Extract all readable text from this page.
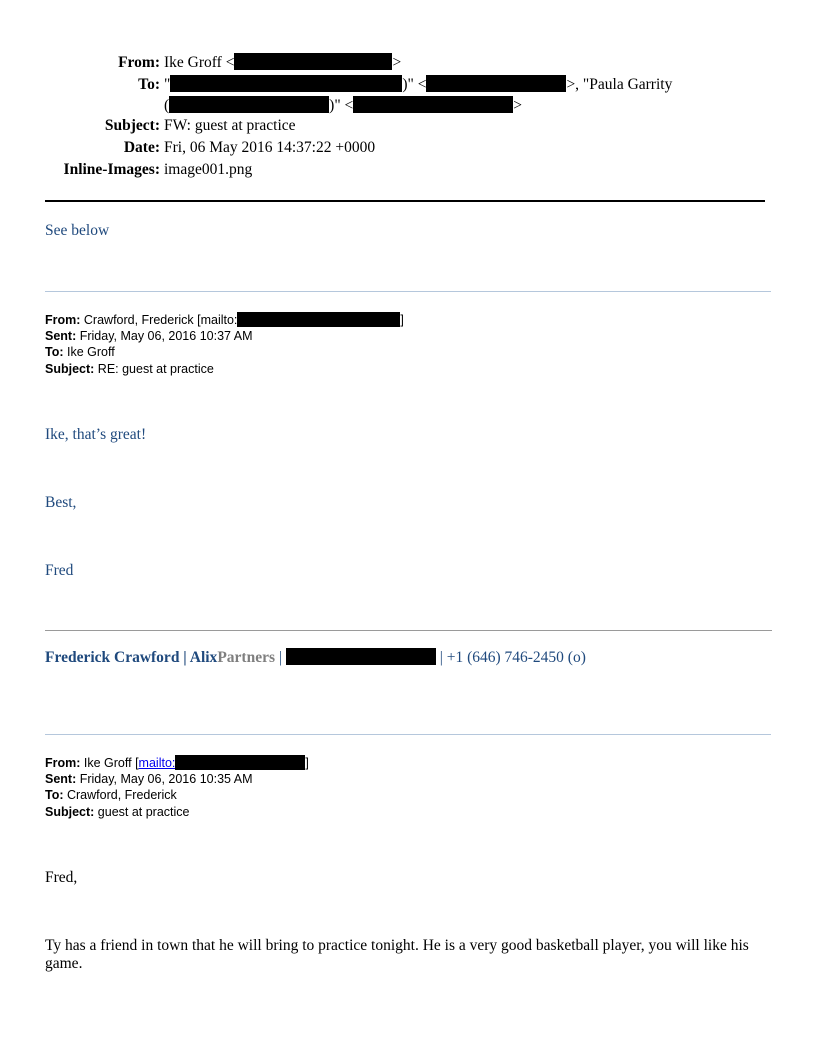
From: Ike Groff <	>
To: "	)" <	>, "Paula Garrity
(	)" <	>
Subject: FW: guest at practice
Date: Fri, 06 May 2016 14:37:22 +0000
Inline-Images: image001.png
See below
From: Crawford, Frederick [mailto:	]
Sent: Friday, May 06, 2016 10:37 AM
To: Ike Groff
Subject: RE: guest at practice
Ike, that’s great!
Best,
Fred
Frederick Crawford | AlixPartners |	| +1 (646) 746-2450 (o)
From: Ike Groff [mailto:	]
Sent: Friday, May 06, 2016 10:35 AM
To: Crawford, Frederick
Subject: guest at practice
Fred,
Ty has a friend in town that he will bring to practice tonight. He is a very good basketball player, you will like his game.
